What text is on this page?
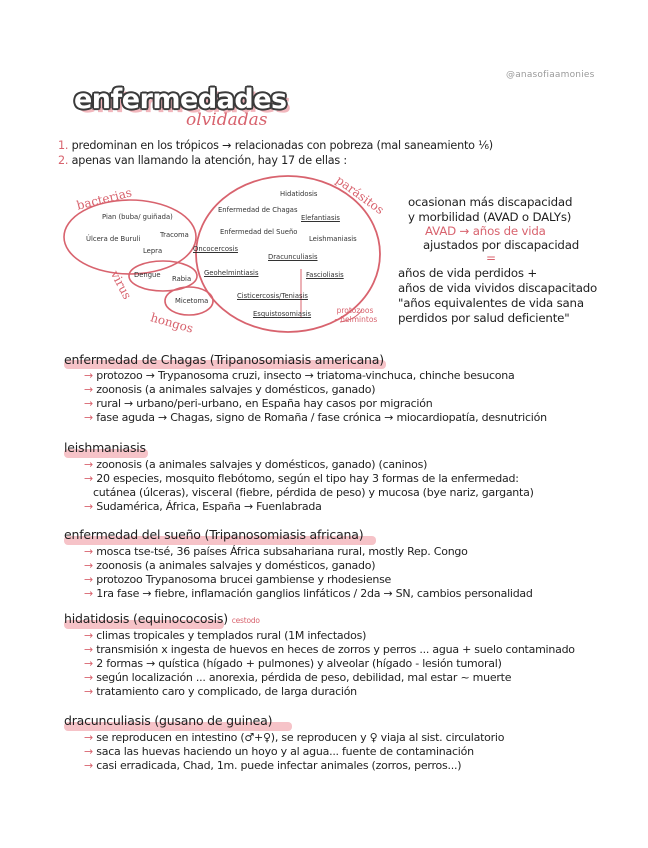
@anasofiaamonies
enfermedades
olvidadas
1. predominan en los trópicos → relacionadas con pobreza (mal saneamiento ⅙)
2. apenas van llamando la atención, hay 17 de ellas :
bacterias
virus
hongos
parásitos
protozoos ~helmintos
Pian (buba/ guiñada)
Tracoma
Úlcera de Buruli
Lepra
Dengue Rabia
Micetoma
Hidatidosis
Enfermedad de Chagas
Elefantiasis
Enfermedad del Sueño
Leishmaniasis
Oncocercosis
Dracunculiasis
Geohelmintiasis	Fascioliasis
Cisticercosis/Teniasis
Esquistosomiasis
ocasionan más discapacidad
y morbilidad (AVAD o DALYs)
AVAD → años de vida
ajustados por discapacidad
=
años de vida perdidos +
años de vida vividos discapacitado
"años equivalentes de vida sana
perdidos por salud deficiente"
enfermedad de Chagas (Tripanosomiasis americana)
→ protozoo → Trypanosoma cruzi, insecto → triatoma-vinchuca, chinche besucona
→ zoonosis (a animales salvajes y domésticos, ganado)
→ rural → urbano/peri-urbano, en España hay casos por migración
→ fase aguda → Chagas, signo de Romaña / fase crónica → miocardiopatía, desnutrición
leishmaniasis
→ zoonosis (a animales salvajes y domésticos, ganado) (caninos)
→ 20 especies, mosquito flebótomo, según el tipo hay 3 formas de la enfermedad:
cutánea (úlceras), visceral (fiebre, pérdida de peso) y mucosa (bye nariz, garganta)
→ Sudamérica, África, España → Fuenlabrada
enfermedad del sueño (Tripanosomiasis africana)
→ mosca tse-tsé, 36 países África subsahariana rural, mostly Rep. Congo
→ zoonosis (a animales salvajes y domésticos, ganado)
→ protozoo Trypanosoma brucei gambiense y rhodesiense
→ 1ra fase → fiebre, inflamación ganglios linfáticos / 2da → SN, cambios personalidad
hidatidosis (equinococosis) cestodo
→ climas tropicales y templados rural (1M infectados)
→ transmisión x ingesta de huevos en heces de zorros y perros ... agua + suelo contaminado
→ 2 formas → quística (hígado + pulmones) y alveolar (hígado - lesión tumoral)
→ según localización ... anorexia, pérdida de peso, debilidad, mal estar ~ muerte
→ tratamiento caro y complicado, de larga duración
dracunculiasis (gusano de guinea)
→ se reproducen en intestino (♂+♀), se reproducen y ♀ viaja al sist. circulatorio
→ saca las huevas haciendo un hoyo y al agua... fuente de contaminación
→ casi erradicada, Chad, 1m. puede infectar animales (zorros, perros...)
